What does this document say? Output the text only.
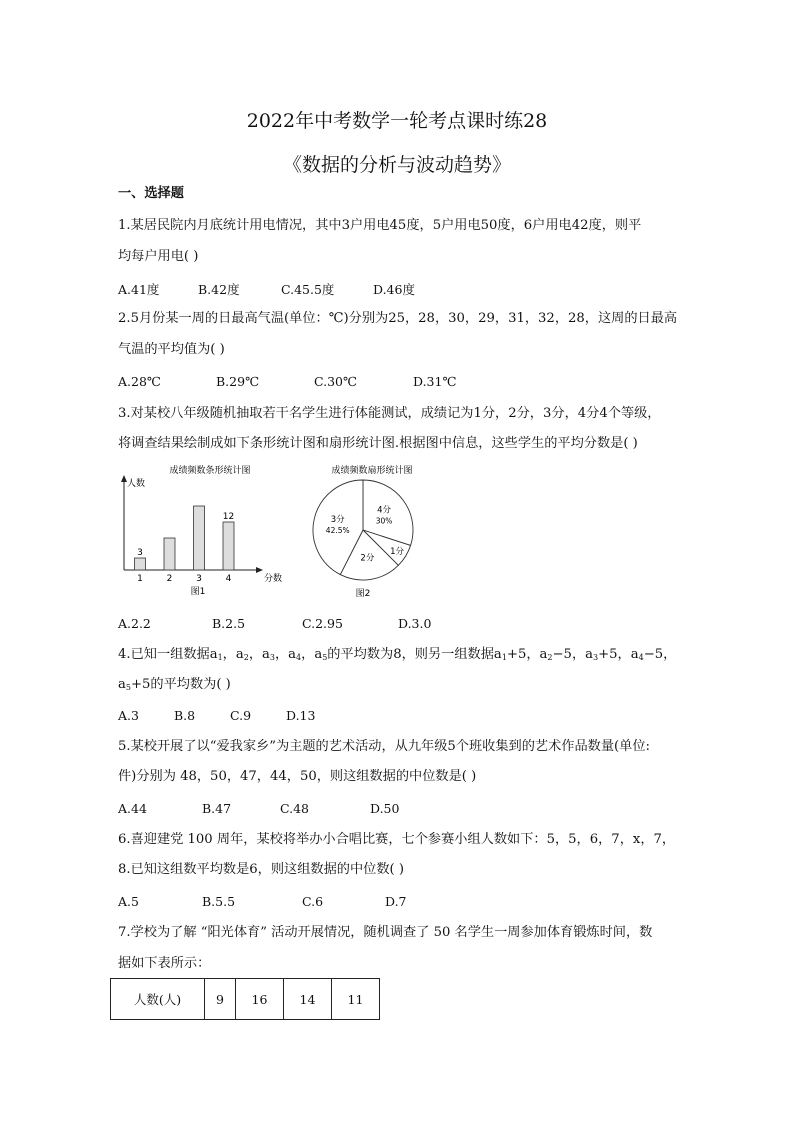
2022年中考数学一轮考点课时练28
《数据的分析与波动趋势》
一、选择题
1.某居民院内月底统计用电情况，其中3户用电45度，5户用电50度，6户用电42度，则平
均每户用电( )
A.41度	B.42度	C.45.5度	D.46度
2.5月份某一周的日最高气温(单位：℃)分别为25，28，30，29，31，32，28，这周的日最高
气温的平均值为( )
A.28℃	B.29℃	C.30℃	D.31℃
3.对某校八年级随机抽取若干名学生进行体能测试，成绩记为1分，2分，3分，4分4个等级，
将调查结果绘制成如下条形统计图和扇形统计图.根据图中信息，这些学生的平均分数是( )
成绩频数条形统计图
人数
分数
1
3
2	3	4
12
图1
成绩频数扇形统计图
4分
30%
1分
2分
3分
42.5%
图2
A.2.2	B.2.5	C.2.95	D.3.0
4.已知一组数据$a_1$，$a_2$，$a_3$，$a_4$，$a_5$的平均数为8，则另一组数据$a_1+5$，$a_2-5$，$a_3+5$，$a_4-5$，
$a_5+5$的平均数为( )
A.3	B.8	C.9	D.13
5.某校开展了以“爱我家乡”为主题的艺术活动，从九年级5个班收集到的艺术作品数量(单位:
件)分别为 48，50，47，44，50，则这组数据的中位数是( )
A.44	B.47	C.48	D.50
6.喜迎建党 100 周年，某校将举办小合唱比赛，七个参赛小组人数如下：5，5，6，7，x，7，
8.已知这组数平均数是6，则这组数据的中位数( )
A.5	B.5.5	C.6	D.7
7.学校为了解 “阳光体育” 活动开展情况，随机调查了 50 名学生一周参加体育锻炼时间，数
据如下表所示：
人数(人)	9	16	14	11
